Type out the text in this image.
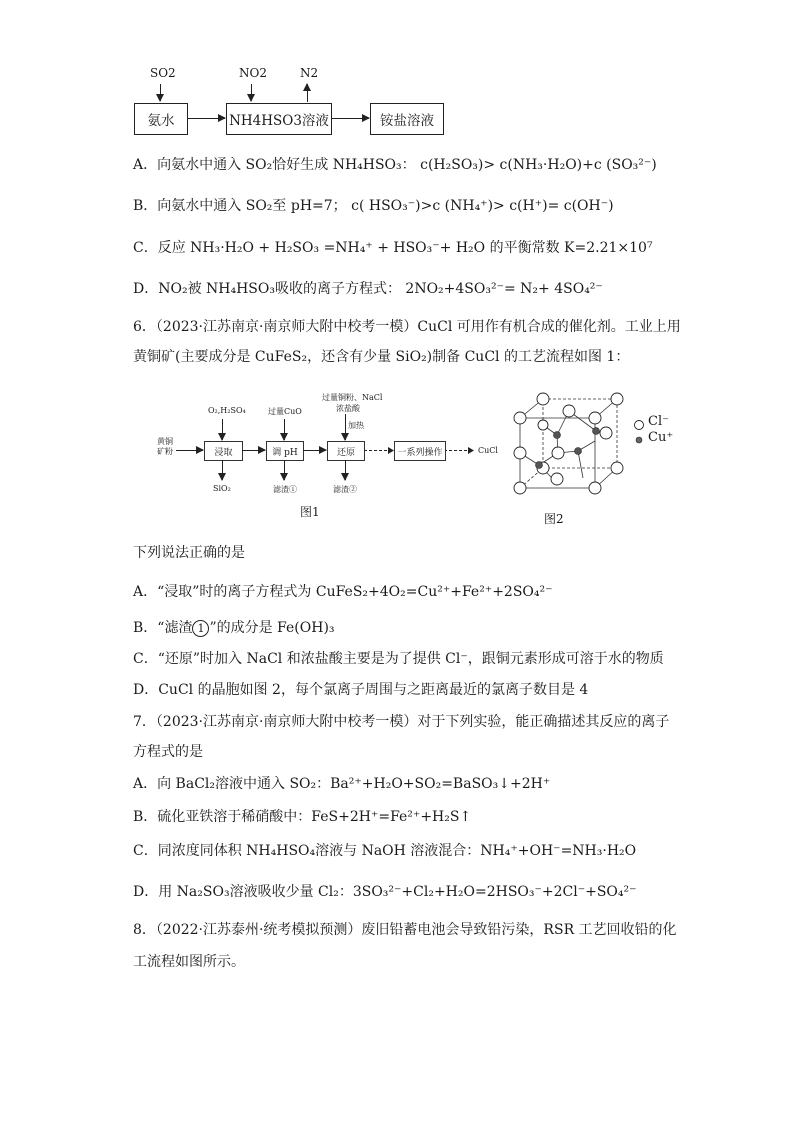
SO2
氨水
NO2	N2
NH4HSO3溶液	铵盐溶液
A．向氨水中通入 SO₂恰好生成 NH₄HSO₃： c(H₂SO₃)> c(NH₃·H₂O)+c (SO₃²⁻)
B．向氨水中通入 SO₂至 pH=7； c( HSO₃⁻)>c (NH₄⁺)> c(H⁺)= c(OH⁻)
C．反应 NH₃·H₂O + H₂SO₃ =NH₄⁺ + HSO₃⁻+ H₂O 的平衡常数 K=2.21×10⁷
D．NO₂被 NH₄HSO₃吸收的离子方程式： 2NO₂+4SO₃²⁻= N₂+ 4SO₄²⁻
6．（2023·江苏南京·南京师大附中校考一模）CuCl 可用作有机合成的催化剂。工业上用
黄铜矿(主要成分是 CuFeS₂，还含有少量 SiO₂)制备 CuCl 的工艺流程如图 1：
黄铜矿粉
O₂,H₂SO₄
浸取
SiO₂
过量CuO
调 pH
滤渣①
过量铜粉、NaCl
浓盐酸
加热
还原
滤渣②
一系列操作	CuCl
图1
Cl⁻
Cu⁺
图2
下列说法正确的是
A．“浸取”时的离子方程式为 CuFeS₂+4O₂=Cu²⁺+Fe²⁺+2SO₄²⁻
B．“滤渣 1 ”的成分是 Fe(OH)₃
C．“还原”时加入 NaCl 和浓盐酸主要是为了提供 Cl⁻，跟铜元素形成可溶于水的物质
D．CuCl 的晶胞如图 2，每个氯离子周围与之距离最近的氯离子数目是 4
7．（2023·江苏南京·南京师大附中校考一模）对于下列实验，能正确描述其反应的离子
方程式的是
A．向 BaCl₂溶液中通入 SO₂：Ba²⁺+H₂O+SO₂=BaSO₃↓+2H⁺
B．硫化亚铁溶于稀硝酸中：FeS+2H⁺=Fe²⁺+H₂S↑
C．同浓度同体积 NH₄HSO₄溶液与 NaOH 溶液混合：NH₄⁺+OH⁻=NH₃·H₂O
D．用 Na₂SO₃溶液吸收少量 Cl₂：3SO₃²⁻+Cl₂+H₂O=2HSO₃⁻+2Cl⁻+SO₄²⁻
8．（2022·江苏泰州·统考模拟预测）废旧铅蓄电池会导致铅污染，RSR 工艺回收铅的化
工流程如图所示。
